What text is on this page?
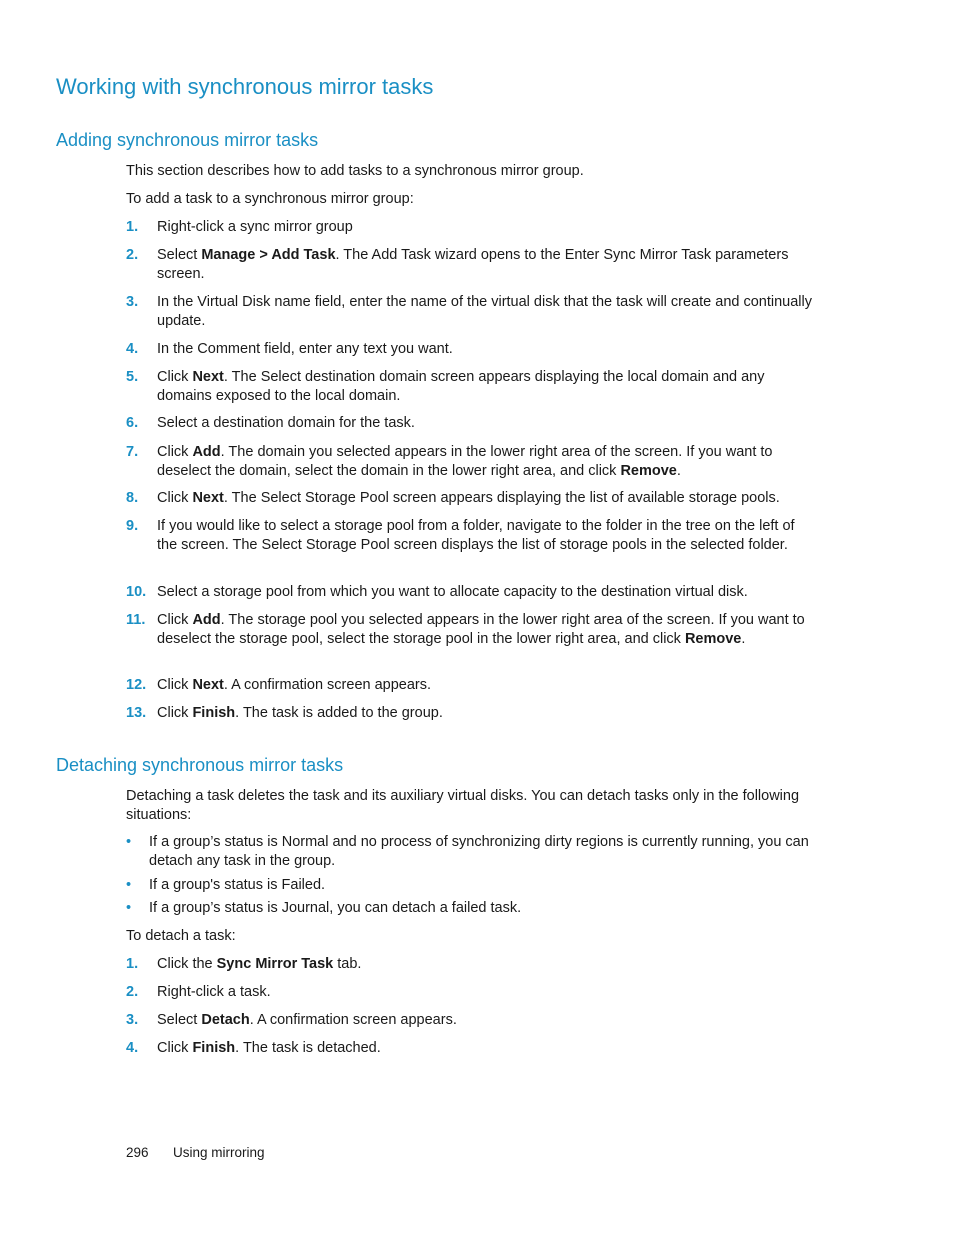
Working with synchronous mirror tasks
Adding synchronous mirror tasks

This section describes how to add tasks to a synchronous mirror group.

To add a task to a synchronous mirror group:

1. Right-click a sync mirror group
2. Select Manage > Add Task. The Add Task wizard opens to the Enter Sync Mirror Task parameters screen.
3. In the Virtual Disk name field, enter the name of the virtual disk that the task will create and continually update.
4. In the Comment field, enter any text you want.
5. Click Next. The Select destination domain screen appears displaying the local domain and any domains exposed to the local domain.
6. Select a destination domain for the task.
7. Click Add. The domain you selected appears in the lower right area of the screen. If you want to deselect the domain, select the domain in the lower right area, and click Remove.
8. Click Next. The Select Storage Pool screen appears displaying the list of available storage pools.
9. If you would like to select a storage pool from a folder, navigate to the folder in the tree on the left of the screen. The Select Storage Pool screen displays the list of storage pools in the selected folder.
10. Select a storage pool from which you want to allocate capacity to the destination virtual disk.
11. Click Add. The storage pool you selected appears in the lower right area of the screen. If you want to deselect the storage pool, select the storage pool in the lower right area, and click Remove.
12. Click Next. A confirmation screen appears.
13. Click Finish. The task is added to the group.
Detaching synchronous mirror tasks

Detaching a task deletes the task and its auxiliary virtual disks. You can detach tasks only in the following situations:

• If a group’s status is Normal and no process of synchronizing dirty regions is currently running, you can detach any task in the group.
• If a group's status is Failed.
• If a group’s status is Journal, you can detach a failed task.

To detach a task:

1. Click the Sync Mirror Task tab.
2. Right-click a task.
3. Select Detach. A confirmation screen appears.
4. Click Finish. The task is detached.
296 Using mirroring
